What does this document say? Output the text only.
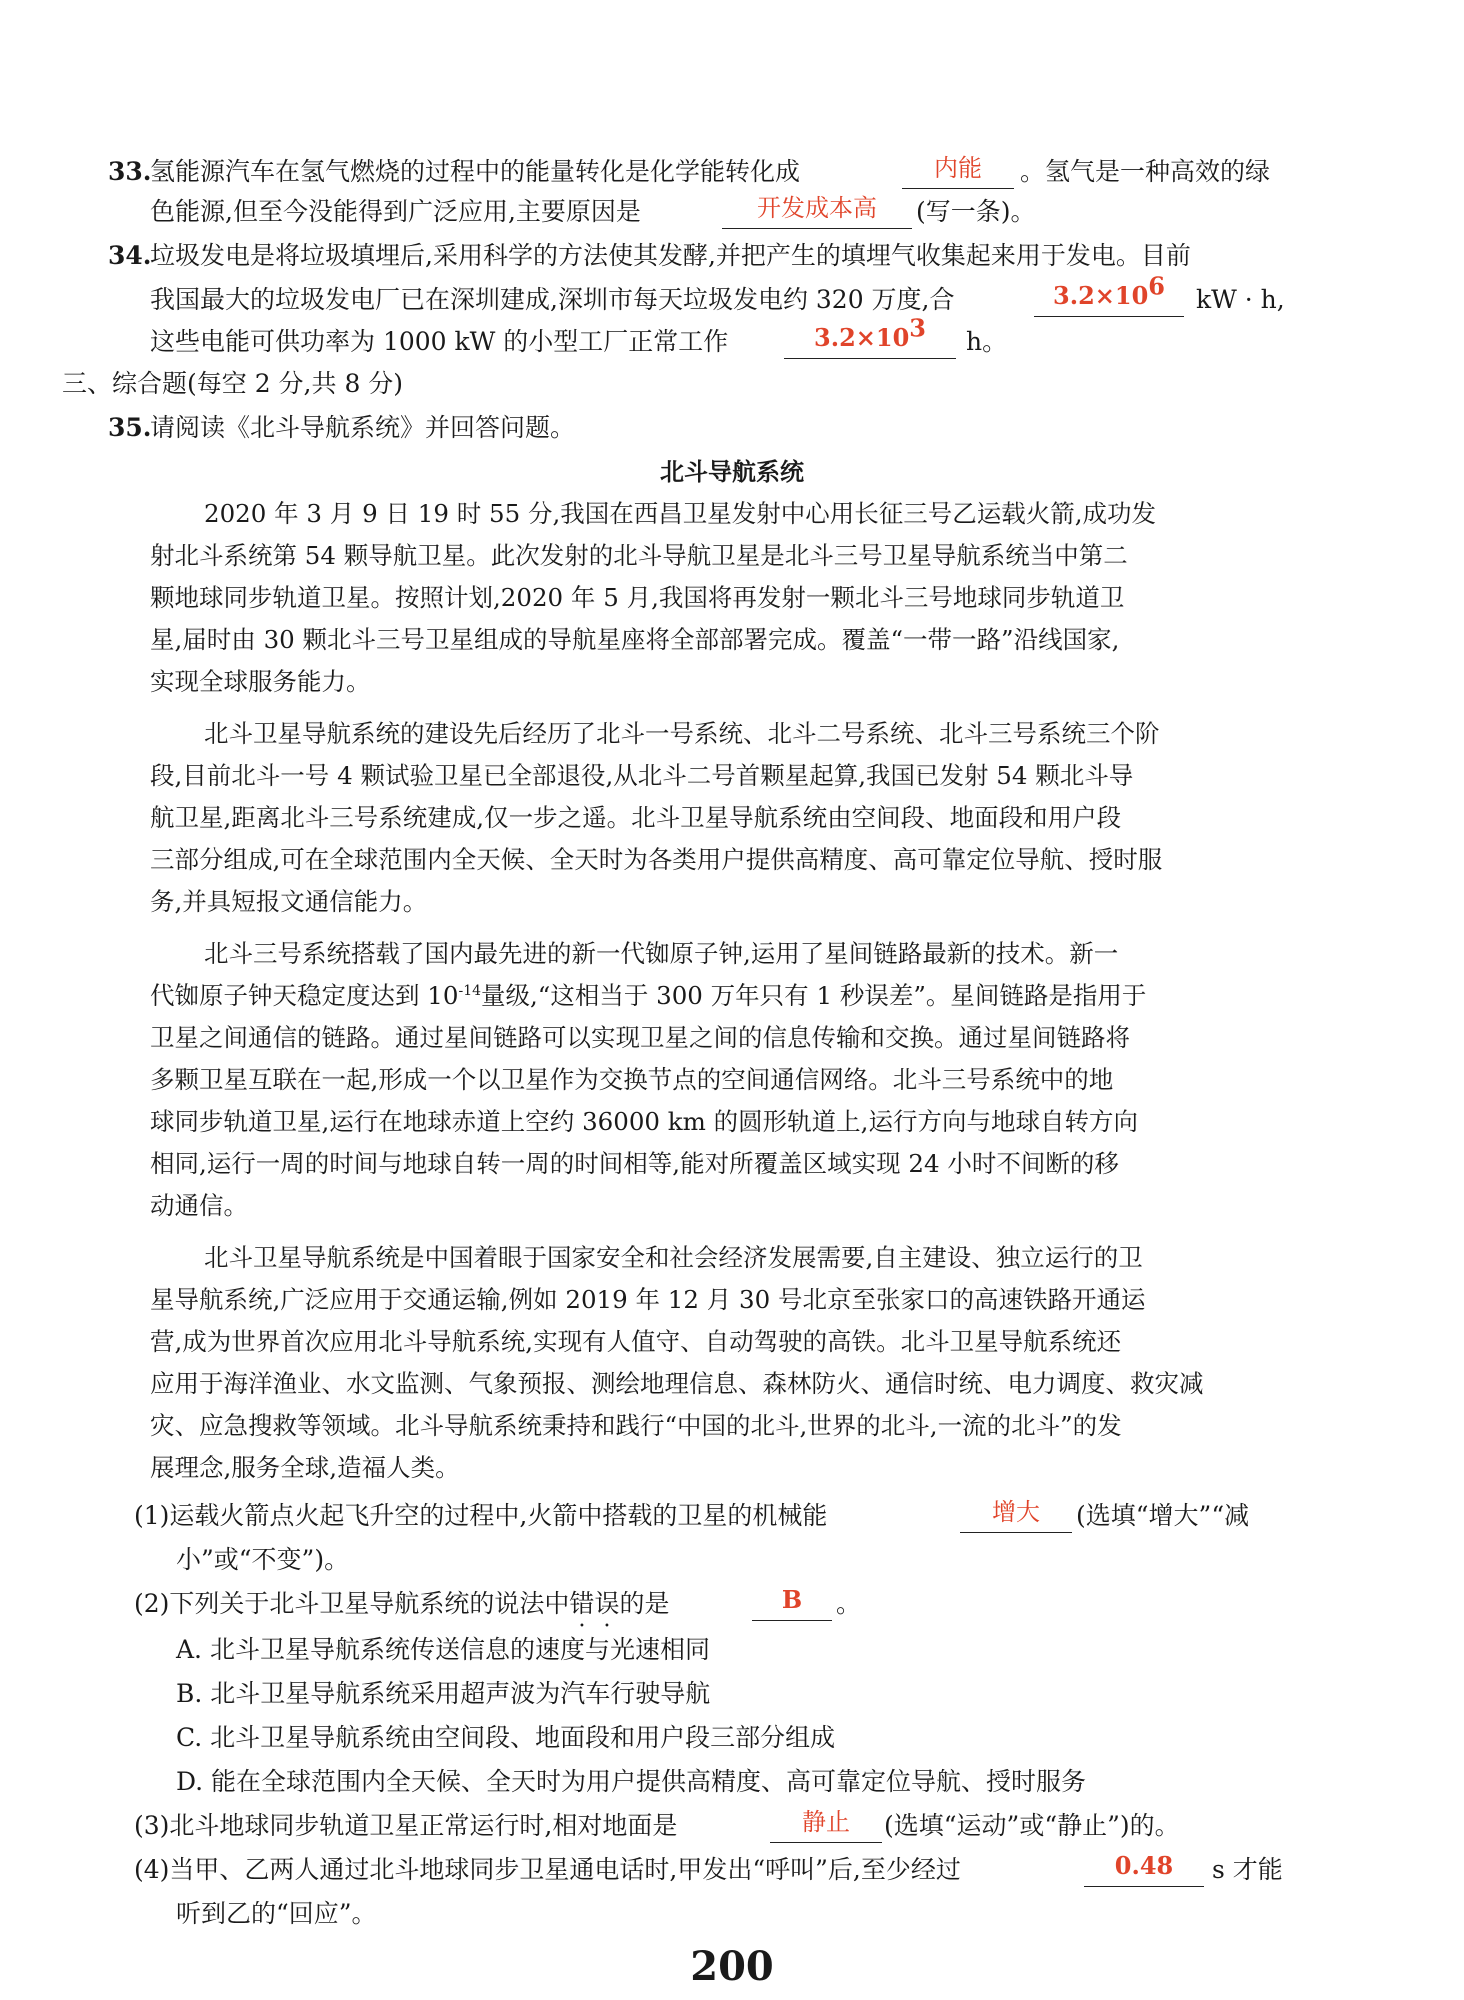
33.
氢能源汽车在氢气燃烧的过程中的能量转化是化学能转化成	内能	。氢气是一种高效的绿
色能源,但至今没能得到广泛应用,主要原因是	开发成本高	(写一条)。
34.
垃圾发电是将垃圾填埋后,采用科学的方法使其发酵,并把产生的填埋气收集起来用于发电。目前
我国最大的垃圾发电厂已在深圳建成,深圳市每天垃圾发电约 320 万度,合	$3.2\times 10^6$	kW · h,
这些电能可供功率为 1000 kW 的小型工厂正常工作	$3.2\times 10^3$	h。
三、综合题(每空 2 分,共 8 分)
35.
请阅读《北斗导航系统》并回答问题。
北斗导航系统
2020 年 3 月 9 日 19 时 55 分,我国在西昌卫星发射中心用长征三号乙运载火箭,成功发
射北斗系统第 54 颗导航卫星。此次发射的北斗导航卫星是北斗三号卫星导航系统当中第二
颗地球同步轨道卫星。按照计划,2020 年 5 月,我国将再发射一颗北斗三号地球同步轨道卫
星,届时由 30 颗北斗三号卫星组成的导航星座将全部部署完成。覆盖“一带一路”沿线国家,
实现全球服务能力。
北斗卫星导航系统的建设先后经历了北斗一号系统、北斗二号系统、北斗三号系统三个阶
段,目前北斗一号 4 颗试验卫星已全部退役,从北斗二号首颗星起算,我国已发射 54 颗北斗导
航卫星,距离北斗三号系统建成,仅一步之遥。北斗卫星导航系统由空间段、地面段和用户段
三部分组成,可在全球范围内全天候、全天时为各类用户提供高精度、高可靠定位导航、授时服
务,并具短报文通信能力。
北斗三号系统搭载了国内最先进的新一代铷原子钟,运用了星间链路最新的技术。新一
代铷原子钟天稳定度达到 $10^{-14}$量级,“这相当于 300 万年只有 1 秒误差”。星间链路是指用于
卫星之间通信的链路。通过星间链路可以实现卫星之间的信息传输和交换。通过星间链路将
多颗卫星互联在一起,形成一个以卫星作为交换节点的空间通信网络。北斗三号系统中的地
球同步轨道卫星,运行在地球赤道上空约 36000 km 的圆形轨道上,运行方向与地球自转方向
相同,运行一周的时间与地球自转一周的时间相等,能对所覆盖区域实现 24 小时不间断的移
动通信。
北斗卫星导航系统是中国着眼于国家安全和社会经济发展需要,自主建设、独立运行的卫
星导航系统,广泛应用于交通运输,例如 2019 年 12 月 30 号北京至张家口的高速铁路开通运
营,成为世界首次应用北斗导航系统,实现有人值守、自动驾驶的高铁。北斗卫星导航系统还
应用于海洋渔业、水文监测、气象预报、测绘地理信息、森林防火、通信时统、电力调度、救灾减
灾、应急搜救等领域。北斗导航系统秉持和践行“中国的北斗,世界的北斗,一流的北斗”的发
展理念,服务全球,造福人类。
(1)运载火箭点火起飞升空的过程中,火箭中搭载的卫星的机械能	增大	(选填“增大”“减
小”或“不变”)。
(2)下列关于北斗卫星导航系统的说法中错误的是	B	。
A. 北斗卫星导航系统传送信息的速度与光速相同
B. 北斗卫星导航系统采用超声波为汽车行驶导航
C. 北斗卫星导航系统由空间段、地面段和用户段三部分组成
D. 能在全球范围内全天候、全天时为用户提供高精度、高可靠定位导航、授时服务
(3)北斗地球同步轨道卫星正常运行时,相对地面是	静止	(选填“运动”或“静止”)的。
(4)当甲、乙两人通过北斗地球同步卫星通电话时,甲发出“呼叫”后,至少经过	0.48	s 才能
听到乙的“回应”。
200
